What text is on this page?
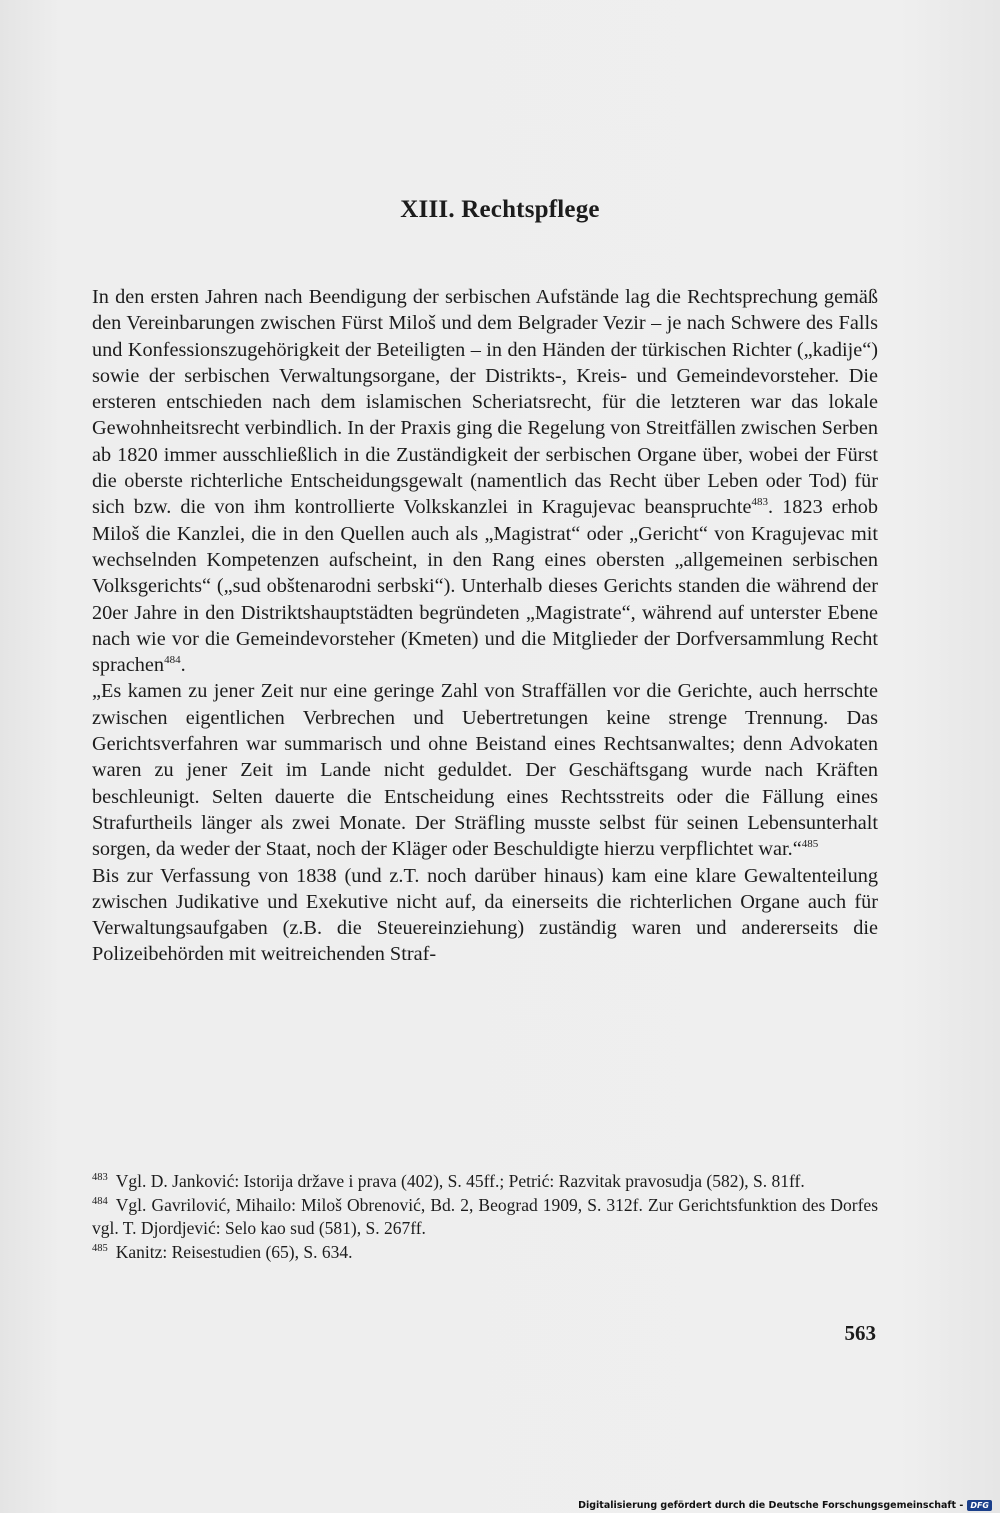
XIII. Rechtspflege

In den ersten Jahren nach Beendigung der serbischen Aufstände lag die Rechtsprechung gemäß den Vereinbarungen zwischen Fürst Miloš und dem Belgrader Vezir – je nach Schwere des Falls und Konfessionszugehörigkeit der Beteiligten – in den Händen der türkischen Richter („kadije“) sowie der serbischen Verwaltungsorgane, der Distrikts-, Kreis- und Gemeindevorsteher. Die ersteren entschieden nach dem islamischen Scheriatsrecht, für die letzteren war das lokale Gewohnheitsrecht verbindlich. In der Praxis ging die Regelung von Streitfällen zwischen Serben ab 1820 immer ausschließlich in die Zuständigkeit der serbischen Organe über, wobei der Fürst die oberste richterliche Entscheidungsgewalt (namentlich das Recht über Leben oder Tod) für sich bzw. die von ihm kontrollierte Volkskanzlei in Kragujevac beanspruchte$^{483}$. 1823 erhob Miloš die Kanzlei, die in den Quellen auch als „Magistrat“ oder „Gericht“ von Kragujevac mit wechselnden Kompetenzen aufscheint, in den Rang eines obersten „allgemeinen serbischen Volksgerichts“ („sud obštenarodni serbski“). Unterhalb dieses Gerichts standen die während der 20er Jahre in den Distriktshauptstädten begründeten „Magistrate“, während auf unterster Ebene nach wie vor die Gemeindevorsteher (Kmeten) und die Mitglieder der Dorfversammlung Recht sprachen$^{484}$.

„Es kamen zu jener Zeit nur eine geringe Zahl von Straffällen vor die Gerichte, auch herrschte zwischen eigentlichen Verbrechen und Uebertretungen keine strenge Trennung. Das Gerichtsverfahren war summarisch und ohne Beistand eines Rechtsanwaltes; denn Advokaten waren zu jener Zeit im Lande nicht geduldet. Der Geschäftsgang wurde nach Kräften beschleunigt. Selten dauerte die Entscheidung eines Rechtsstreits oder die Fällung eines Strafurtheils länger als zwei Monate. Der Sträfling musste selbst für seinen Lebensunterhalt sorgen, da weder der Staat, noch der Kläger oder Beschuldigte hierzu verpflichtet war.“$^{485}$

Bis zur Verfassung von 1838 (und z.T. noch darüber hinaus) kam eine klare Gewaltenteilung zwischen Judikative und Exekutive nicht auf, da einerseits die richterlichen Organe auch für Verwaltungsaufgaben (z.B. die Steuereinziehung) zuständig waren und andererseits die Polizeibehörden mit weitreichenden Straf-

$^{483}$ Vgl. D. Janković: Istorija države i prava (402), S. 45ff.; Petrić: Razvitak pravosudja (582), S. 81ff.

$^{484}$ Vgl. Gavrilović, Mihailo: Miloš Obrenović, Bd. 2, Beograd 1909, S. 312f. Zur Gerichtsfunktion des Dorfes vgl. T. Djordjević: Selo kao sud (581), S. 267ff.

$^{485}$ Kanitz: Reisestudien (65), S. 634.

563
Digitalisierung gefördert durch die Deutsche Forschungsgemeinschaft - DFG
